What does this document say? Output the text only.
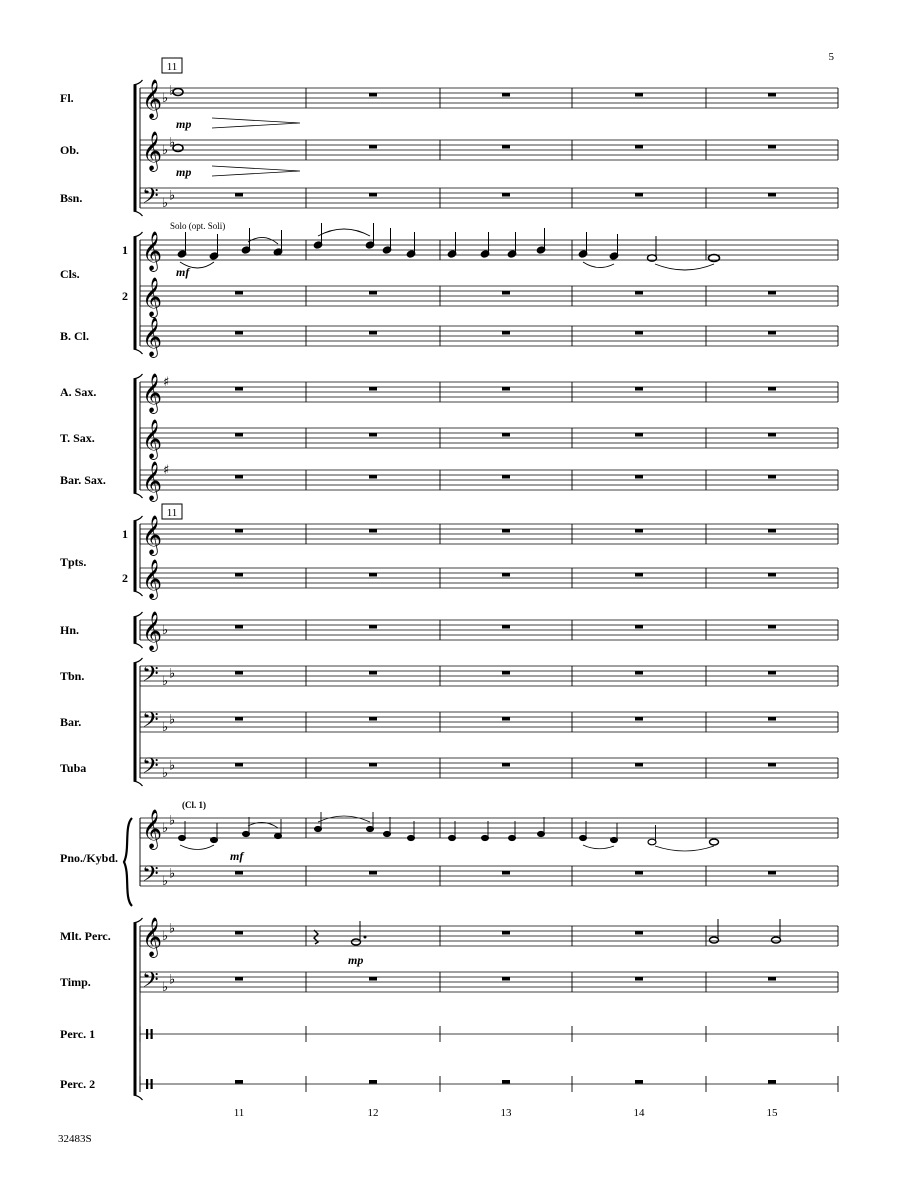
5
32483S
11
11
Fl.
Ob.
Bsn.
Cls.
B. Cl.
A. Sax.
T. Sax.
Bar. Sax.
Tpts.
Hn.
Tbn.
Bar.
Tuba
Pno./Kybd.
Mlt. Perc.
Timp.
Perc. 1
Perc. 2
1
2
1
2
𝄞 ♭ ♭
𝄞 ♭ ♭
𝄢 ♭ ♭
𝄞
𝄞
𝄞
𝄞 ♯
𝄞
𝄞 ♯
𝄞
𝄞
𝄞 ♭
𝄢 ♭ ♭
𝄢 ♭ ♭
𝄢 ♭ ♭
𝄞 ♭ ♭
𝄢 ♭ ♭
𝄞 ♭ ♭
𝄢 ♭ ♭
11	12	13	14	15
mp
mp
Solo (opt. Soli)
mf
(Cl. 1)
mf
mp
